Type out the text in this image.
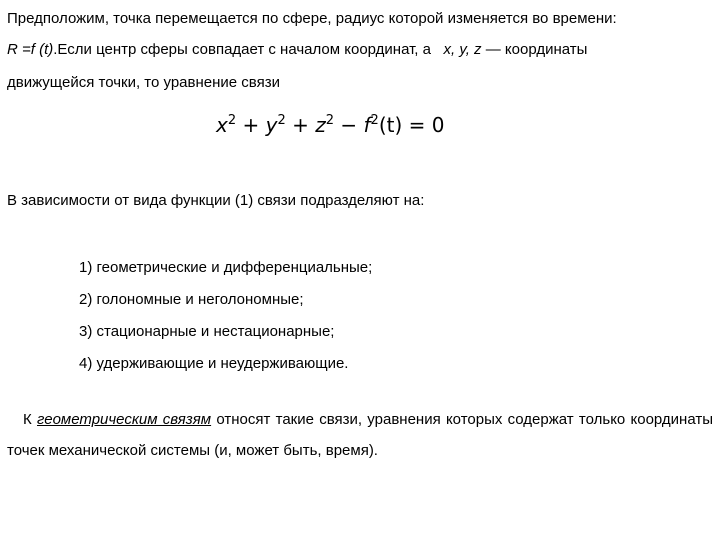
Предположим, точка перемещается по сфере, радиус которой изменяется во времени:
R =f (t).Если центр сферы совпадает с началом координат, а x, y, z — координаты
движущейся точки, то уравнение связи
$x^2 + y^2 + z^2 - f^2(t) = 0$
В зависимости от вида функции (1) связи подразделяют на:
1) геометрические и дифференциальные;
2) голономные и неголономные;
3) стационарные и нестационарные;
4) удерживающие и неудерживающие.
К геометрическим связям относят такие связи, уравнения которых содержат только координаты точек механической системы (и, может быть, время).
